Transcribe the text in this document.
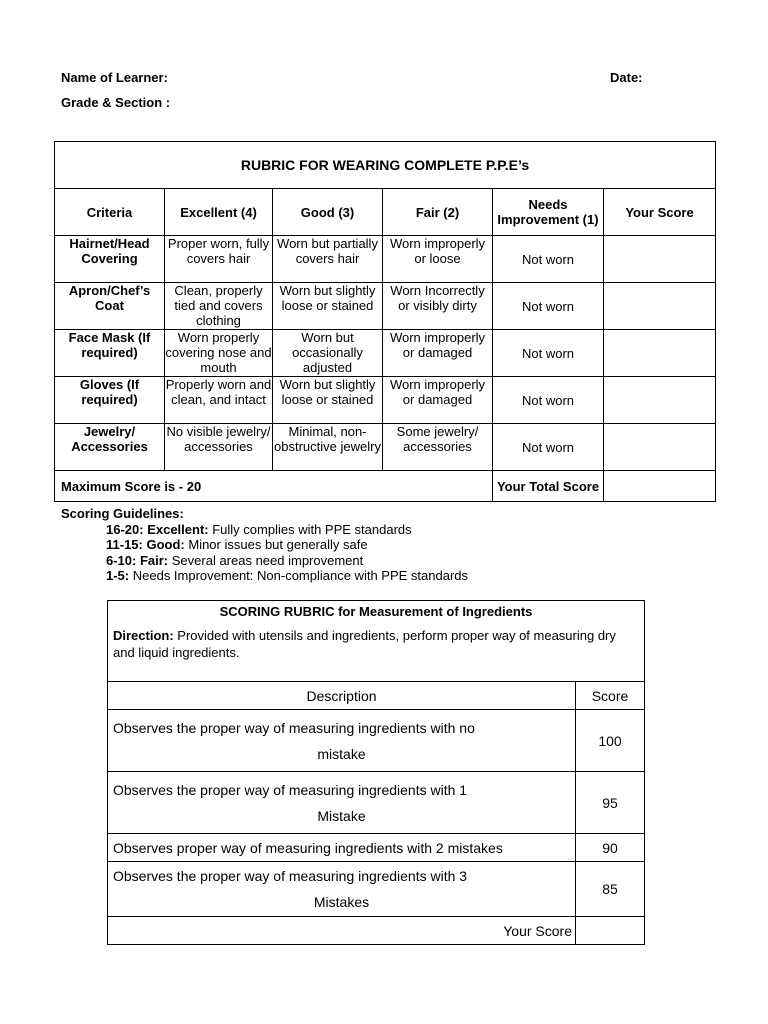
Name of Learner:	Date:
Grade & Section :
RUBRIC FOR WEARING COMPLETE P.P.E’s					
Criteria	Excellent (4)	Good (3)	Fair (2)	Needs Improvement (1)	Your Score
Hairnet/Head Covering	Proper worn, fully covers hair	Worn but partially covers hair	Worn improperly or loose	Not worn	
Apron/Chef’s Coat	Clean, properly tied and covers clothing	Worn but slightly loose or stained	Worn Incorrectly or visibly dirty	Not worn	
Face Mask (If required)	Worn properly covering nose and mouth	Worn but occasionally adjusted	Worn improperly or damaged	Not worn	
Gloves (If required)	Properly worn and clean, and intact	Worn but slightly loose or stained	Worn improperly or damaged	Not worn	
Jewelry/ Accessories	No visible jewelry/ accessories	Minimal, non-obstructive jewelry	Some jewelry/ accessories	Not worn	
Maximum Score is - 20				Your Total Score	
Scoring Guidelines:
16-20: Excellent: Fully complies with PPE standards
11-15: Good: Minor issues but generally safe
6-10: Fair: Several areas need improvement
1-5: Needs Improvement: Non-compliance with PPE standards
SCORING RUBRIC for Measurement of Ingredients	
Direction: Provided with utensils and ingredients, perform proper way of measuring dry and liquid ingredients.	
Description	Score

Observes the proper way of measuring ingredients with no
mistake	100

Observes the proper way of measuring ingredients with 1
Mistake	95

Observes proper way of measuring ingredients with 2 mistakes	90

Observes the proper way of measuring ingredients with 3
Mistakes	85
Your Score	
